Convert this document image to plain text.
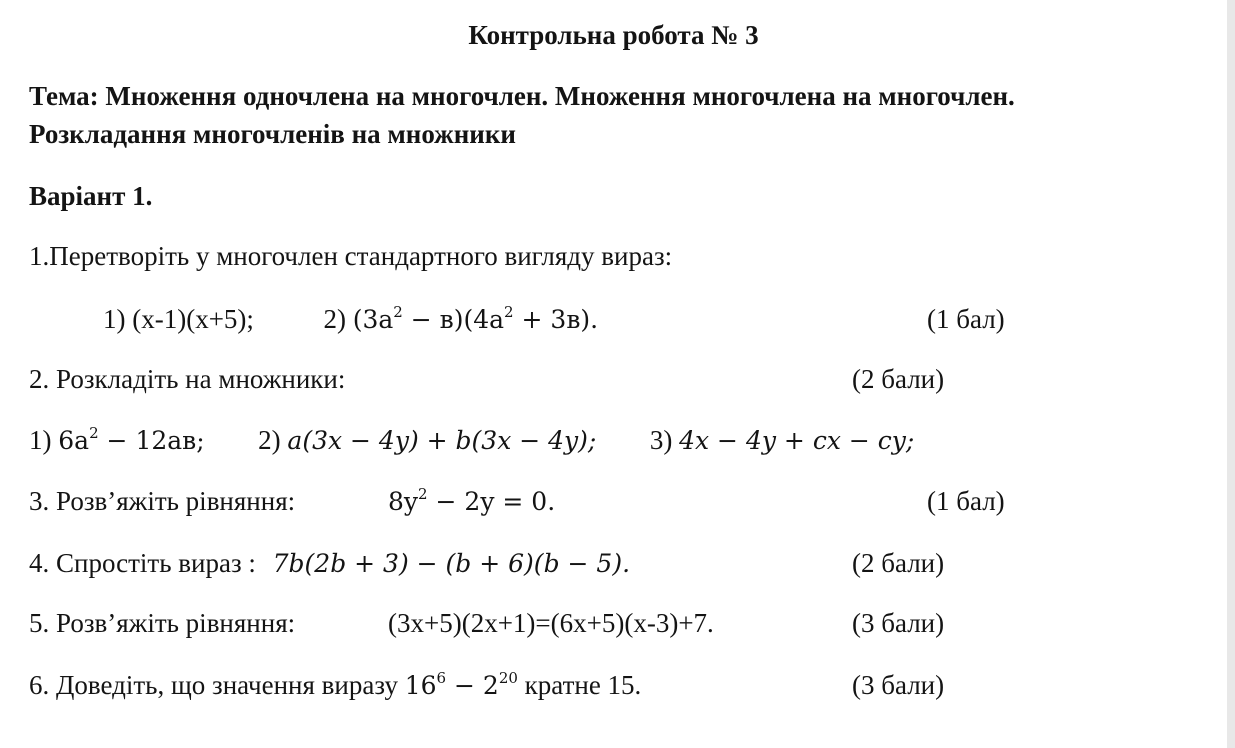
Контрольна робота № 3
Тема: Множення одночлена на многочлен. Множення многочлена на многочлен.
Розкладання многочленів на множники
Варіант 1.
1.Перетворіть у многочлен стандартного вигляду вираз:
1) (x-1)(x+5);	2) $(3a^2 - в)(4a^2 + 3в)$.	(1 бал)
2. Розкладіть на множники:	(2 бали)
1) $6a^2 - 12ав$; 2) a(3x − 4y) + b(3x − 4y); 3) 4x − 4y + cx − cy;
3. Розв’яжіть рівняння:	$8y^2 - 2y = 0$.	(1 бал)
4. Спростіть вираз : 7b(2b + 3) − (b + 6)(b − 5).	(2 бали)
5. Розв’яжіть рівняння:	(3x+5)(2x+1)=(6x+5)(x-3)+7.	(3 бали)
6. Доведіть, що значення виразу $16^6 - 2^{20}$ кратне 15.	(3 бали)
